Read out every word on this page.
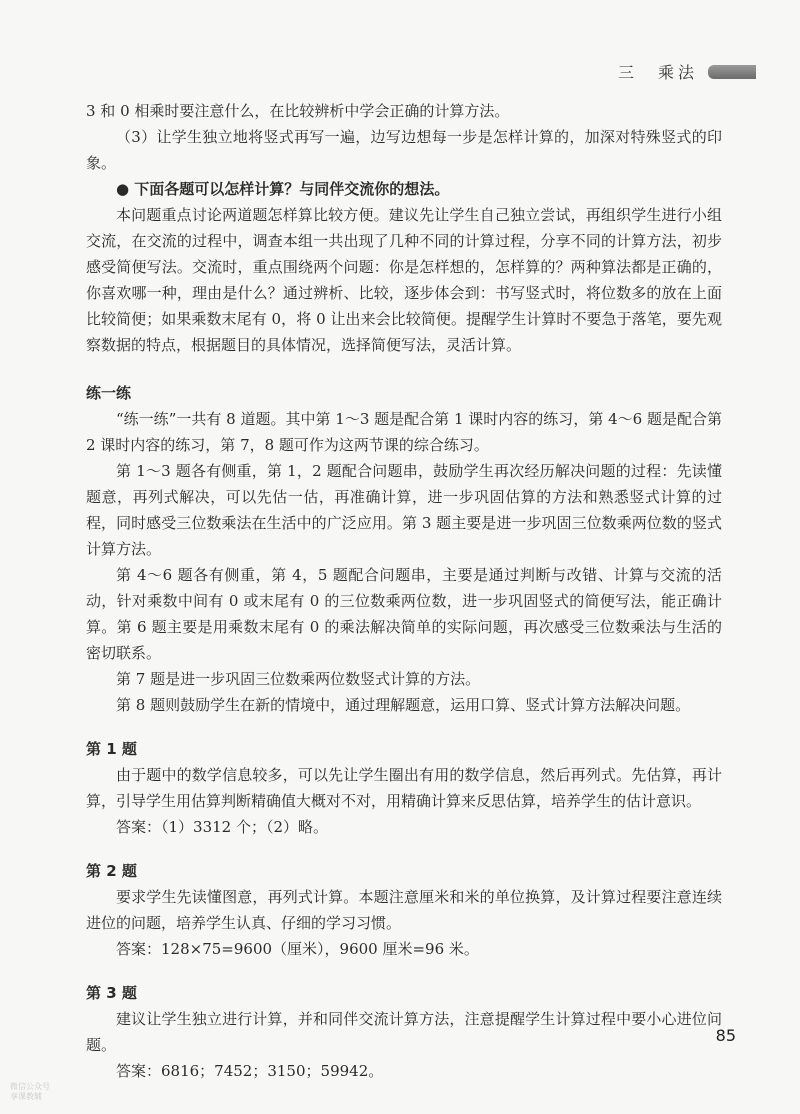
三　乘法

3 和 0 相乘时要注意什么，在比较辨析中学会正确的计算方法。

（3）让学生独立地将竖式再写一遍，边写边想每一步是怎样计算的，加深对特殊竖式的印象。

● 下面各题可以怎样计算？与同伴交流你的想法。

本问题重点讨论两道题怎样算比较方便。建议先让学生自己独立尝试，再组织学生进行小组交流，在交流的过程中，调查本组一共出现了几种不同的计算过程，分享不同的计算方法，初步感受简便写法。交流时，重点围绕两个问题：你是怎样想的，怎样算的？两种算法都是正确的，你喜欢哪一种，理由是什么？通过辨析、比较，逐步体会到：书写竖式时，将位数多的放在上面比较简便；如果乘数末尾有 0，将 0 让出来会比较简便。提醒学生计算时不要急于落笔，要先观察数据的特点，根据题目的具体情况，选择简便写法，灵活计算。

练一练

“练一练”一共有 8 道题。其中第 1～3 题是配合第 1 课时内容的练习，第 4～6 题是配合第 2 课时内容的练习，第 7，8 题可作为这两节课的综合练习。

第 1～3 题各有侧重，第 1，2 题配合问题串，鼓励学生再次经历解决问题的过程：先读懂题意，再列式解决，可以先估一估，再准确计算，进一步巩固估算的方法和熟悉竖式计算的过程，同时感受三位数乘法在生活中的广泛应用。第 3 题主要是进一步巩固三位数乘两位数的竖式计算方法。

第 4～6 题各有侧重，第 4，5 题配合问题串，主要是通过判断与改错、计算与交流的活动，针对乘数中间有 0 或末尾有 0 的三位数乘两位数，进一步巩固竖式的简便写法，能正确计算。第 6 题主要是用乘数末尾有 0 的乘法解决简单的实际问题，再次感受三位数乘法与生活的密切联系。

第 7 题是进一步巩固三位数乘两位数竖式计算的方法。

第 8 题则鼓励学生在新的情境中，通过理解题意，运用口算、竖式计算方法解决问题。

第 1 题

由于题中的数学信息较多，可以先让学生圈出有用的数学信息，然后再列式。先估算，再计算，引导学生用估算判断精确值大概对不对，用精确计算来反思估算，培养学生的估计意识。

答案：（1）3312 个；（2）略。

第 2 题

要求学生先读懂图意，再列式计算。本题注意厘米和米的单位换算，及计算过程要注意连续进位的问题，培养学生认真、仔细的学习习惯。

答案：128×75=9600（厘米），9600 厘米=96 米。

第 3 题

建议让学生独立进行计算，并和同伴交流计算方法，注意提醒学生计算过程中要小心进位问题。

答案：6816；7452；3150；59942。

85
微信公众号
享课教辅
